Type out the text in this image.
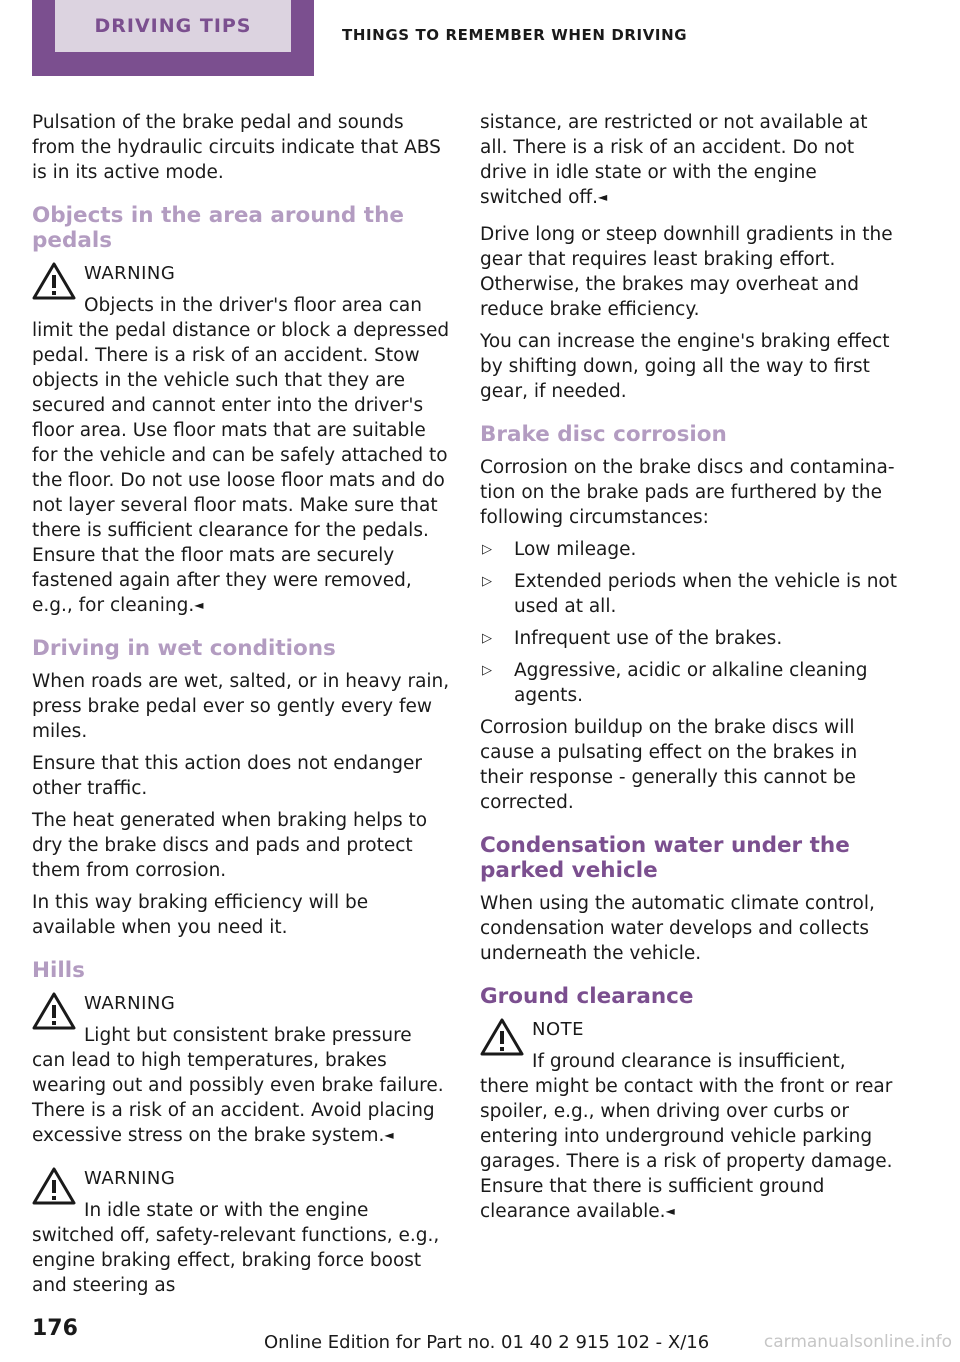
DRIVING TIPS	THINGS TO REMEMBER WHEN DRIVING

Pulsation of the brake pedal and sounds from the hydraulic circuits indicate that ABS is in its active mode.

Objects in the area around the pedals
WARNING

Objects in the driver's floor area can limit the pedal distance or block a depressed pedal. There is a risk of an accident. Stow objects in the vehicle such that they are secured and cannot enter into the driver's floor area. Use floor mats that are suitable for the vehicle and can be safely attached to the floor. Do not use loose floor mats and do not layer several floor mats. Make sure that there is sufficient clearance for the pedals. Ensure that the floor mats are securely fastened again after they were removed, e.g., for cleaning.◄

Driving in wet conditions

When roads are wet, salted, or in heavy rain, press brake pedal ever so gently every few miles.

Ensure that this action does not endanger other traffic.

The heat generated when braking helps to dry the brake discs and pads and protect them from corrosion.

In this way braking efficiency will be available when you need it.

Hills
WARNING

Light but consistent brake pressure can lead to high temperatures, brakes wearing out and possibly even brake failure. There is a risk of an accident. Avoid placing excessive stress on the brake system.◄

WARNING

In idle state or with the engine switched off, safety-relevant functions, e.g., engine braking effect, braking force boost and steering as

sistance, are restricted or not available at all. There is a risk of an accident. Do not drive in idle state or with the engine switched off.◄

Drive long or steep downhill gradients in the gear that requires least braking effort. Otherwise, the brakes may overheat and reduce brake efficiency.

You can increase the engine's braking effect by shifting down, going all the way to first gear, if needed.

Brake disc corrosion

Corrosion on the brake discs and contamination on the brake pads are furthered by the following circumstances:

▷ Low mileage.
▷ Extended periods when the vehicle is not used at all.
▷ Infrequent use of the brakes.
▷ Aggressive, acidic or alkaline cleaning agents.

Corrosion buildup on the brake discs will cause a pulsating effect on the brakes in their response - generally this cannot be corrected.

Condensation water under the parked vehicle

When using the automatic climate control, condensation water develops and collects underneath the vehicle.

Ground clearance
NOTE

If ground clearance is insufficient, there might be contact with the front or rear spoiler, e.g., when driving over curbs or entering into underground vehicle parking garages. There is a risk of property damage. Ensure that there is sufficient ground clearance available.◄

176
Online Edition for Part no. 01 40 2 915 102 - X/16	carmanualsonline.info
